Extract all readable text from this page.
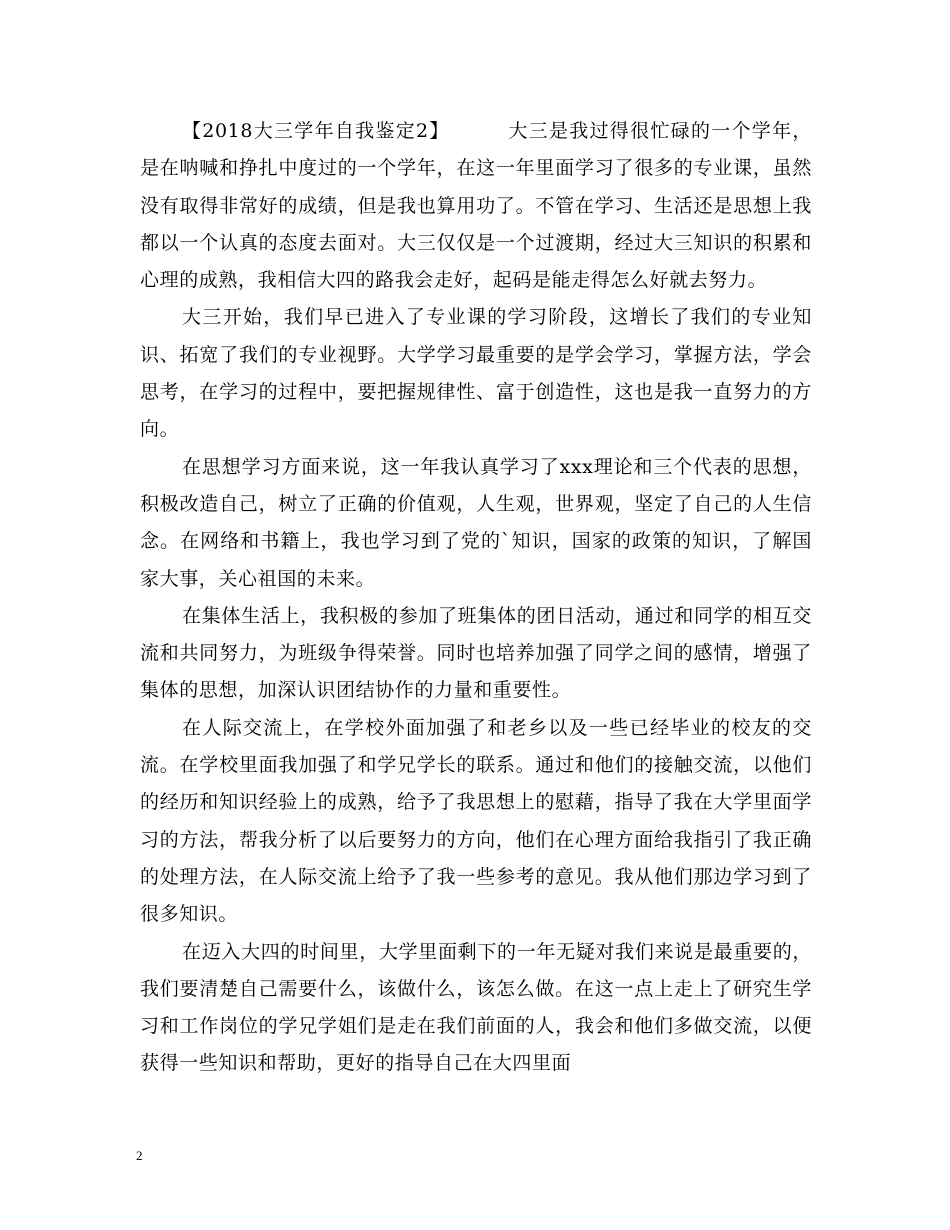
【2018大三学年自我鉴定2】	大三是我过得很忙碌的一个学年，是在呐喊和挣扎中度过的一个学年，在这一年里面学习了很多的专业课，虽然没有取得非常好的成绩，但是我也算用功了。不管在学习、生活还是思想上我都以一个认真的态度去面对。大三仅仅是一个过渡期，经过大三知识的积累和心理的成熟，我相信大四的路我会走好，起码是能走得怎么好就去努力。

大三开始，我们早已进入了专业课的学习阶段，这增长了我们的专业知识、拓宽了我们的专业视野。大学学习最重要的是学会学习，掌握方法，学会思考，在学习的过程中，要把握规律性、富于创造性，这也是我一直努力的方向。

在思想学习方面来说，这一年我认真学习了xxx理论和三个代表的思想，积极改造自己，树立了正确的价值观，人生观，世界观，坚定了自己的人生信念。在网络和书籍上，我也学习到了党的`知识，国家的政策的知识，了解国家大事，关心祖国的未来。

在集体生活上，我积极的参加了班集体的团日活动，通过和同学的相互交流和共同努力，为班级争得荣誉。同时也培养加强了同学之间的感情，增强了集体的思想，加深认识团结协作的力量和重要性。

在人际交流上，在学校外面加强了和老乡以及一些已经毕业的校友的交流。在学校里面我加强了和学兄学长的联系。通过和他们的接触交流，以他们的经历和知识经验上的成熟，给予了我思想上的慰藉，指导了我在大学里面学习的方法，帮我分析了以后要努力的方向，他们在心理方面给我指引了我正确的处理方法，在人际交流上给予了我一些参考的意见。我从他们那边学习到了很多知识。

在迈入大四的时间里，大学里面剩下的一年无疑对我们来说是最重要的，我们要清楚自己需要什么，该做什么，该怎么做。在这一点上走上了研究生学习和工作岗位的学兄学姐们是走在我们前面的人，我会和他们多做交流，以便获得一些知识和帮助，更好的指导自己在大四里面

2
